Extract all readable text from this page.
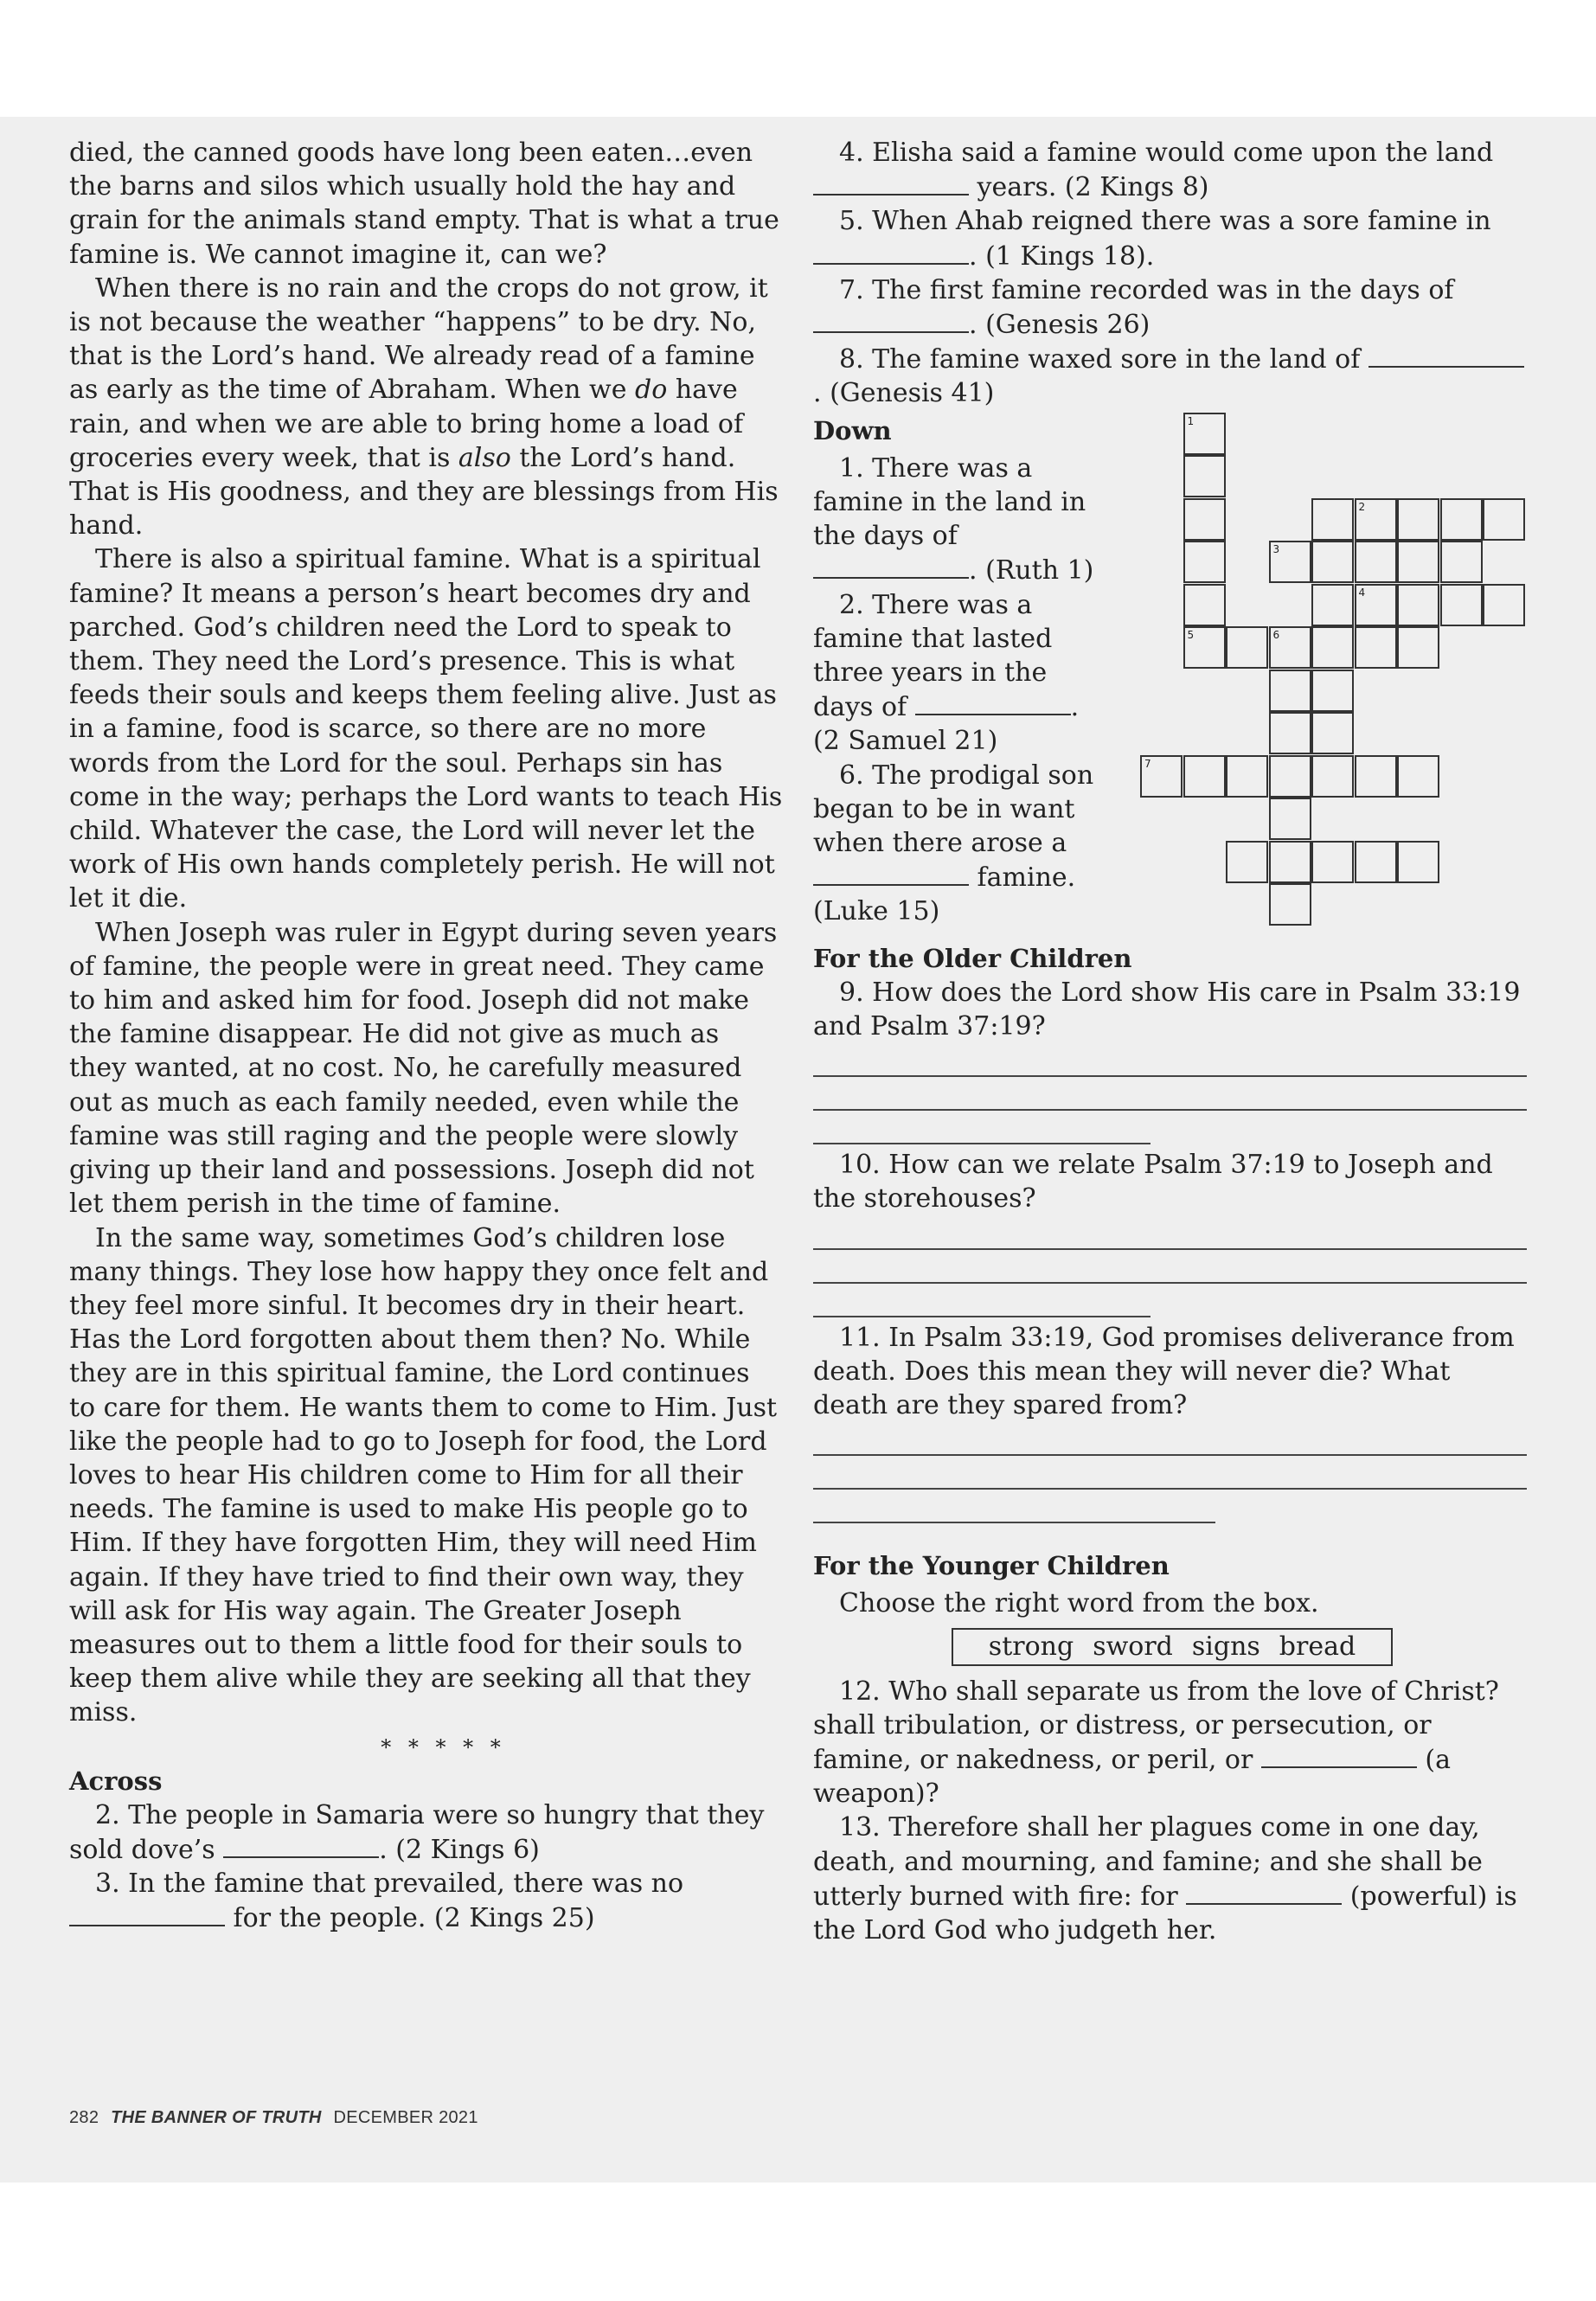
died, the canned goods have long been eaten…even the barns and silos which usually hold the hay and grain for the animals stand empty. That is what a true famine is. We cannot imagine it, can we?

When there is no rain and the crops do not grow, it is not because the weather “happens” to be dry. No, that is the Lord’s hand. We already read of a famine as early as the time of Abraham. When we do have rain, and when we are able to bring home a load of groceries every week, that is also the Lord’s hand. That is His goodness, and they are blessings from His hand.

There is also a spiritual famine. What is a spiritual famine? It means a person’s heart becomes dry and parched. God’s children need the Lord to speak to them. They need the Lord’s presence. This is what feeds their souls and keeps them feeling alive. Just as in a famine, food is scarce, so there are no more words from the Lord for the soul. Perhaps sin has come in the way; perhaps the Lord wants to teach His child. Whatever the case, the Lord will never let the work of His own hands completely perish. He will not let it die.

When Joseph was ruler in Egypt during seven years of famine, the people were in great need. They came to him and asked him for food. Joseph did not make the famine disappear. He did not give as much as they wanted, at no cost. No, he carefully measured out as much as each family needed, even while the famine was still raging and the people were slowly giving up their land and possessions. Joseph did not let them perish in the time of famine.

In the same way, sometimes God’s children lose many things. They lose how happy they once felt and they feel more sinful. It becomes dry in their heart. Has the Lord forgotten about them then? No. While they are in this spiritual famine, the Lord continues to care for them. He wants them to come to Him. Just like the people had to go to Joseph for food, the Lord loves to hear His children come to Him for all their needs. The famine is used to make His people go to Him. If they have forgotten Him, they will need Him again. If they have tried to find their own way, they will ask for His way again. The Greater Joseph measures out to them a little food for their souls to keep them alive while they are seeking all that they miss.

* * * * *

Across

2. The people in Samaria were so hungry that they sold dove’s	. (2 Kings 6)

3. In the famine that prevailed, there was no  for the people. (2 Kings 25)

4. Elisha said a famine would come upon the land  years. (2 Kings 8)

5. When Ahab reigned there was a sore famine in . (1 Kings 18).

7. The first famine recorded was in the days of . (Genesis 26)

8. The famine waxed sore in the land of . (Genesis 41)

1
5
2
3
4
6
7

Down

1. There was a famine in the land in the days of . (Ruth 1)

2. There was a famine that lasted three years in the days of	. (2 Samuel 21)

6. The prodigal son began to be in want when there arose a  famine. (Luke 15)

For the Older Children

9. How does the Lord show His care in Psalm 33:19 and Psalm 37:19?

10. How can we relate Psalm 37:19 to Joseph and the storehouses?

11. In Psalm 33:19, God promises deliverance from death. Does this mean they will never die? What death are they spared from?

For the Younger Children

Choose the right word from the box.

strong sword signs bread

12. Who shall separate us from the love of Christ? shall tribulation, or distress, or persecution, or famine, or nakedness, or peril, or	(a weapon)?

13. Therefore shall her plagues come in one day, death, and mourning, and famine; and she shall be utterly burned with fire: for	(powerful) is the Lord God who judgeth her.

282 THE BANNER OF TRUTH DECEMBER 2021
